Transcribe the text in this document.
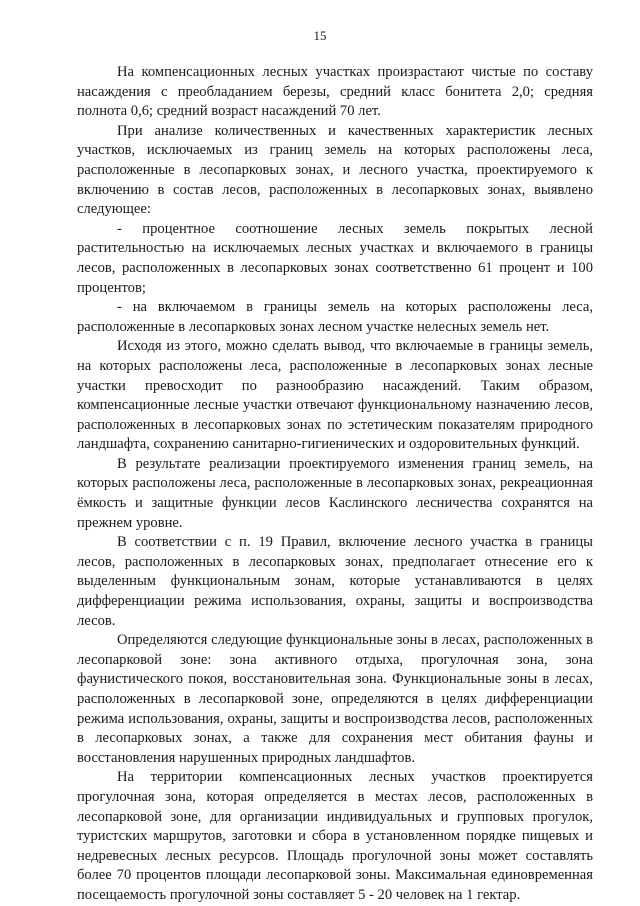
15

На компенсационных лесных участках произрастают чистые по составу насаждения с преобладанием березы, средний класс бонитета 2,0; средняя полнота 0,6; средний возраст насаждений 70 лет.

При анализе количественных и качественных характеристик лесных участков, исключаемых из границ земель на которых расположены леса, расположенные в лесопарковых зонах, и лесного участка, проектируемого к включению в состав лесов, расположенных в лесопарковых зонах, выявлено следующее:

- процентное соотношение лесных земель покрытых лесной растительностью на исключаемых лесных участках и включаемого в границы лесов, расположенных в лесопарковых зонах соответственно 61 процент и 100 процентов;

- на включаемом в границы земель на которых расположены леса, расположенные в лесопарковых зонах лесном участке нелесных земель нет.

Исходя из этого, можно сделать вывод, что включаемые в границы земель, на которых расположены леса, расположенные в лесопарковых зонах лесные участки превосходит по разнообразию насаждений. Таким образом, компенсационные лесные участки отвечают функциональному назначению лесов, расположенных в лесопарковых зонах по эстетическим показателям природного ландшафта, сохранению санитарно-гигиенических и оздоровительных функций.

В результате реализации проектируемого изменения границ земель, на которых расположены леса, расположенные в лесопарковых зонах, рекреационная ёмкость и защитные функции лесов Каслинского лесничества сохранятся на прежнем уровне.

В соответствии с п. 19 Правил, включение лесного участка в границы лесов, расположенных в лесопарковых зонах, предполагает отнесение его к выделенным функциональным зонам, которые устанавливаются в целях дифференциации режима использования, охраны, защиты и воспроизводства лесов.

Определяются следующие функциональные зоны в лесах, расположенных в лесопарковой зоне: зона активного отдыха, прогулочная зона, зона фаунистического покоя, восстановительная зона. Функциональные зоны в лесах, расположенных в лесопарковой зоне, определяются в целях дифференциации режима использования, охраны, защиты и воспроизводства лесов, расположенных в лесопарковых зонах, а также для сохранения мест обитания фауны и восстановления нарушенных природных ландшафтов.

На территории компенсационных лесных участков проектируется прогулочная зона, которая определяется в местах лесов, расположенных в лесопарковой зоне, для организации индивидуальных и групповых прогулок, туристских маршрутов, заготовки и сбора в установленном порядке пищевых и недревесных лесных ресурсов. Площадь прогулочной зоны может составлять более 70 процентов площади лесопарковой зоны. Максимальная единовременная посещаемость прогулочной зоны составляет 5 - 20 человек на 1 гектар.
